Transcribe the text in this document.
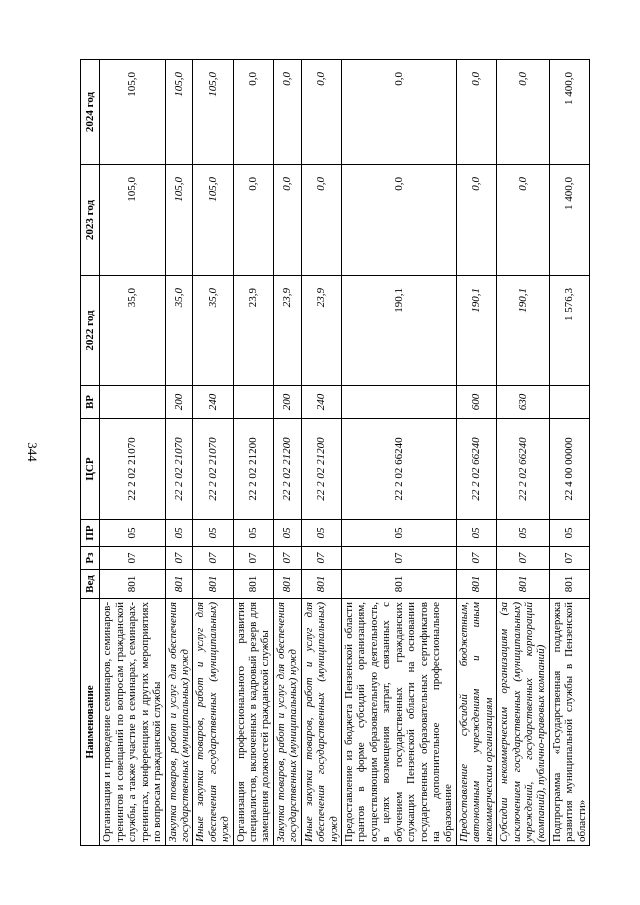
344
Наименование	Вед	Рз	ПР	ЦСР	ВР	2022 год	2023 год	2024 год
Организация и проведение семинаров, семинаров-тренингов и совещаний по вопросам гражданской службы, а также участие в семинарах, семинарах-тренингах, конференциях и других мероприятиях по вопросам гражданской службы	801	07	05	22 2 02 21070		35,0	105,0	105,0
Закупка товаров, работ и услуг для обеспечения государственных (муниципальных) нужд	801	07	05	22 2 02 21070	200	35,0	105,0	105,0
Иные закупки товаров, работ и услуг для обеспечения государственных (муниципальных) нужд	801	07	05	22 2 02 21070	240	35,0	105,0	105,0
Организация профессионального развития специалистов, включенных в кадровый резерв для замещения должностей гражданской службы	801	07	05	22 2 02 21200		23,9	0,0	0,0
Закупка товаров, работ и услуг для обеспечения государственных (муниципальных) нужд	801	07	05	22 2 02 21200	200	23,9	0,0	0,0
Иные закупки товаров, работ и услуг для обеспечения государственных (муниципальных) нужд	801	07	05	22 2 02 21200	240	23,9	0,0	0,0
Предоставление из бюджета Пензенской области грантов в форме субсидий организациям, осуществляющим образовательную деятельность, в целях возмещения затрат, связанных с обучением государственных гражданских служащих Пензенской области на основании государственных образовательных сертификатов на дополнительное профессиональное образование	801	07	05	22 2 02 66240		190,1	0,0	0,0
Предоставление субсидий бюджетным, автономным учреждениям и иным некоммерческим организациям	801	07	05	22 2 02 66240	600	190,1	0,0	0,0
Субсидии некоммерческим организациям (за исключением государственных (муниципальных) учреждений, государственных корпораций (компаний), публично-правовых компаний)	801	07	05	22 2 02 66240	630	190,1	0,0	0,0
Подпрограмма «Государственная поддержка развития муниципальной службы в Пензенской области»	801	07	05	22 4 00 00000		1 576,3	1 400,0	1 400,0
